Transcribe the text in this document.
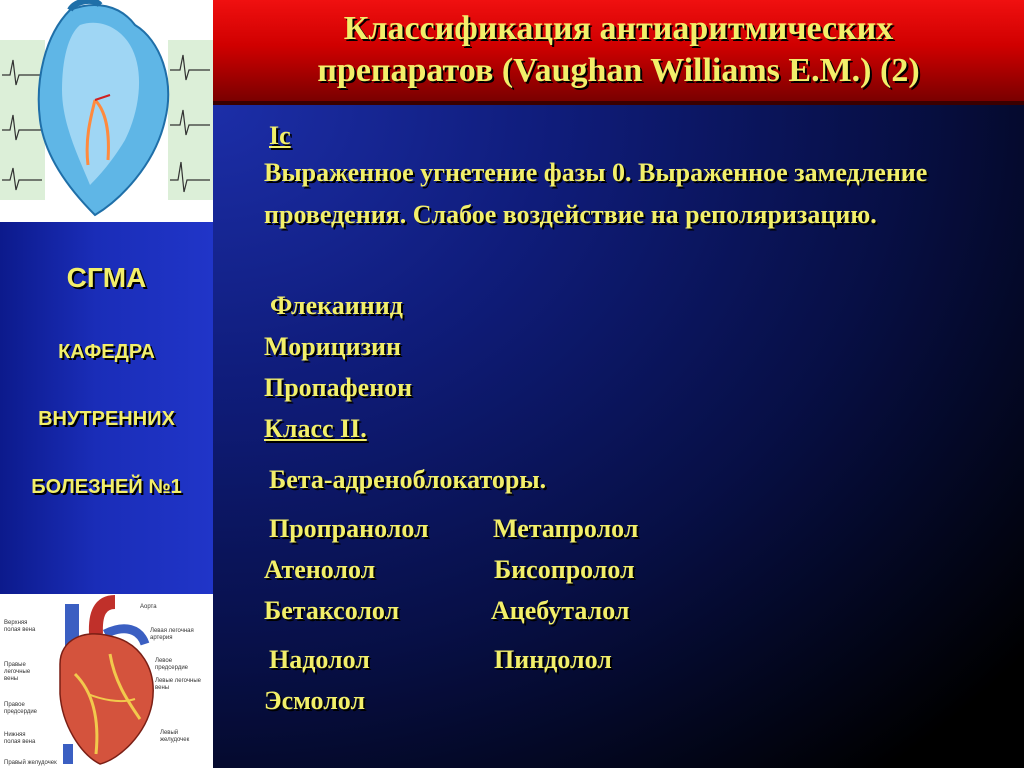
СГМА
КАФЕДРА
ВНУТРЕННИХ
БОЛЕЗНЕЙ №1
Верхняя
полая вена
Правые
легочные
вены
Правое
предсердие
Нижняя
полая вена
Правый желудочек
Аорта
Левая легочная
артерия
Левое
предсердие
Левые легочные
вены
Левый
желудочек
Классификация антиаритмических
препаратов (Vaughan Williams E.M.) (2)
Ic
Выраженное угнетение фазы 0. Выраженное замедление проведения. Слабое воздействие на реполяризацию.
Флекаинид
Морицизин
Пропафенон
Класс II.
Бета-адреноблокаторы.
Пропранолол
Атенолол
Бетаксолол
Надолол
Эсмолол
Метапролол
Бисопролол
Ацебуталол
Пиндолол
